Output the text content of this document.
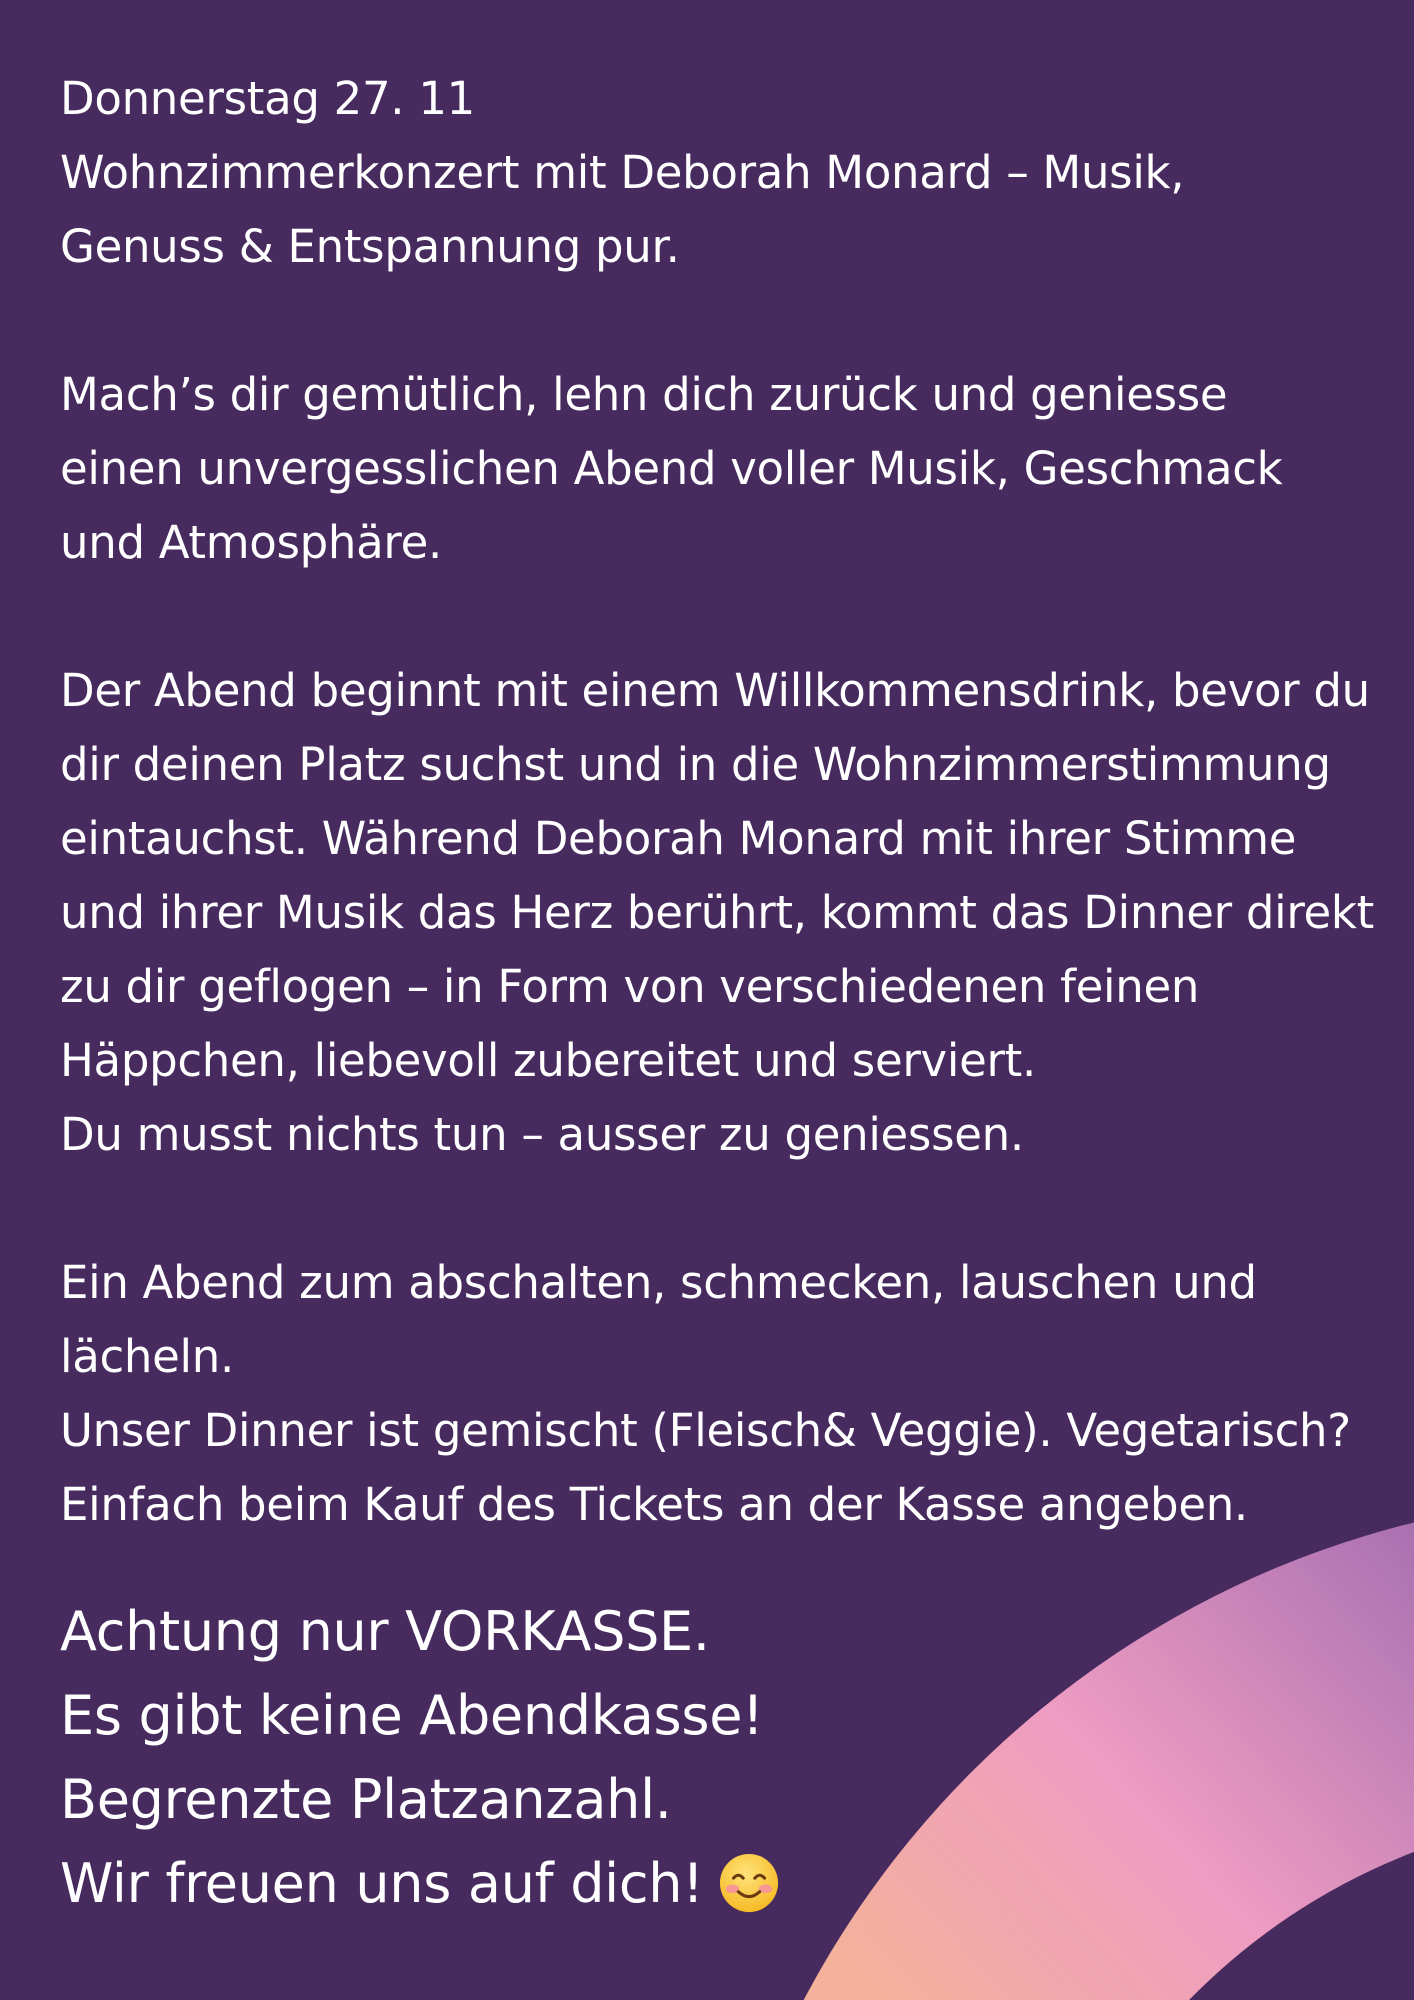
Donnerstag 27. 11
Wohnzimmerkonzert mit Deborah Monard – Musik,
Genuss & Entspannung pur.
Mach’s dir gemütlich, lehn dich zurück und geniesse
einen unvergesslichen Abend voller Musik, Geschmack
und Atmosphäre.
Der Abend beginnt mit einem Willkommensdrink, bevor du
dir deinen Platz suchst und in die Wohnzimmerstimmung
eintauchst. Während Deborah Monard mit ihrer Stimme
und ihrer Musik das Herz berührt, kommt das Dinner direkt
zu dir geflogen – in Form von verschiedenen feinen
Häppchen, liebevoll zubereitet und serviert.
Du musst nichts tun – ausser zu geniessen.
Ein Abend zum abschalten, schmecken, lauschen und
lächeln.
Unser Dinner ist gemischt (Fleisch& Veggie). Vegetarisch?
Einfach beim Kauf des Tickets an der Kasse angeben.
Achtung nur VORKASSE.
Es gibt keine Abendkasse!
Begrenzte Platzanzahl.
Wir freuen uns auf dich!
